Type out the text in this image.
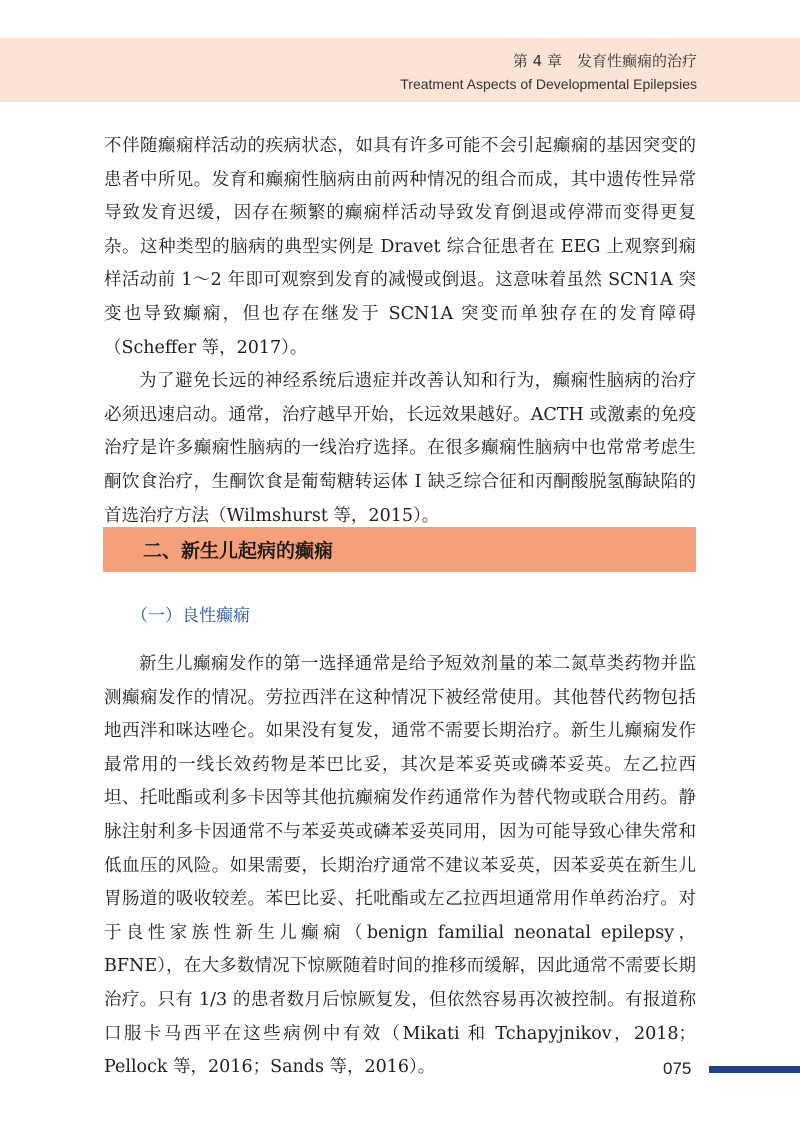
第 4 章　发育性癫痫的治疗
Treatment Aspects of Developmental Epilepsies

不伴随癫痫样活动的疾病状态，如具有许多可能不会引起癫痫的基因突变的患者中所见。发育和癫痫性脑病由前两种情况的组合而成，其中遗传性异常导致发育迟缓，因存在频繁的癫痫样活动导致发育倒退或停滞而变得更复杂。这种类型的脑病的典型实例是 Dravet 综合征患者在 EEG 上观察到痫样活动前 1～2 年即可观察到发育的减慢或倒退。这意味着虽然 SCN1A 突变也导致癫痫，但也存在继发于 SCN1A 突变而单独存在的发育障碍（Scheffer 等，2017）。

为了避免长远的神经系统后遗症并改善认知和行为，癫痫性脑病的治疗必须迅速启动。通常，治疗越早开始，长远效果越好。ACTH 或激素的免疫治疗是许多癫痫性脑病的一线治疗选择。在很多癫痫性脑病中也常常考虑生酮饮食治疗，生酮饮食是葡萄糖转运体 Ⅰ 缺乏综合征和丙酮酸脱氢酶缺陷的首选治疗方法（Wilmshurst 等，2015）。

二、新生儿起病的癫痫
（一）良性癫痫

新生儿癫痫发作的第一选择通常是给予短效剂量的苯二氮草类药物并监测癫痫发作的情况。劳拉西泮在这种情况下被经常使用。其他替代药物包括地西泮和咪达唑仑。如果没有复发，通常不需要长期治疗。新生儿癫痫发作最常用的一线长效药物是苯巴比妥，其次是苯妥英或磷苯妥英。左乙拉西坦、托吡酯或利多卡因等其他抗癫痫发作药通常作为替代物或联合用药。静脉注射利多卡因通常不与苯妥英或磷苯妥英同用，因为可能导致心律失常和低血压的风险。如果需要，长期治疗通常不建议苯妥英，因苯妥英在新生儿胃肠道的吸收较差。苯巴比妥、托吡酯或左乙拉西坦通常用作单药治疗。对于良性家族性新生儿癫痫（benign familial neonatal epilepsy，BFNE），在大多数情况下惊厥随着时间的推移而缓解，因此通常不需要长期治疗。只有 1/3 的患者数月后惊厥复发，但依然容易再次被控制。有报道称口服卡马西平在这些病例中有效（Mikati 和 Tchapyjnikov，2018；Pellock 等，2016；Sands 等，2016）。	075
